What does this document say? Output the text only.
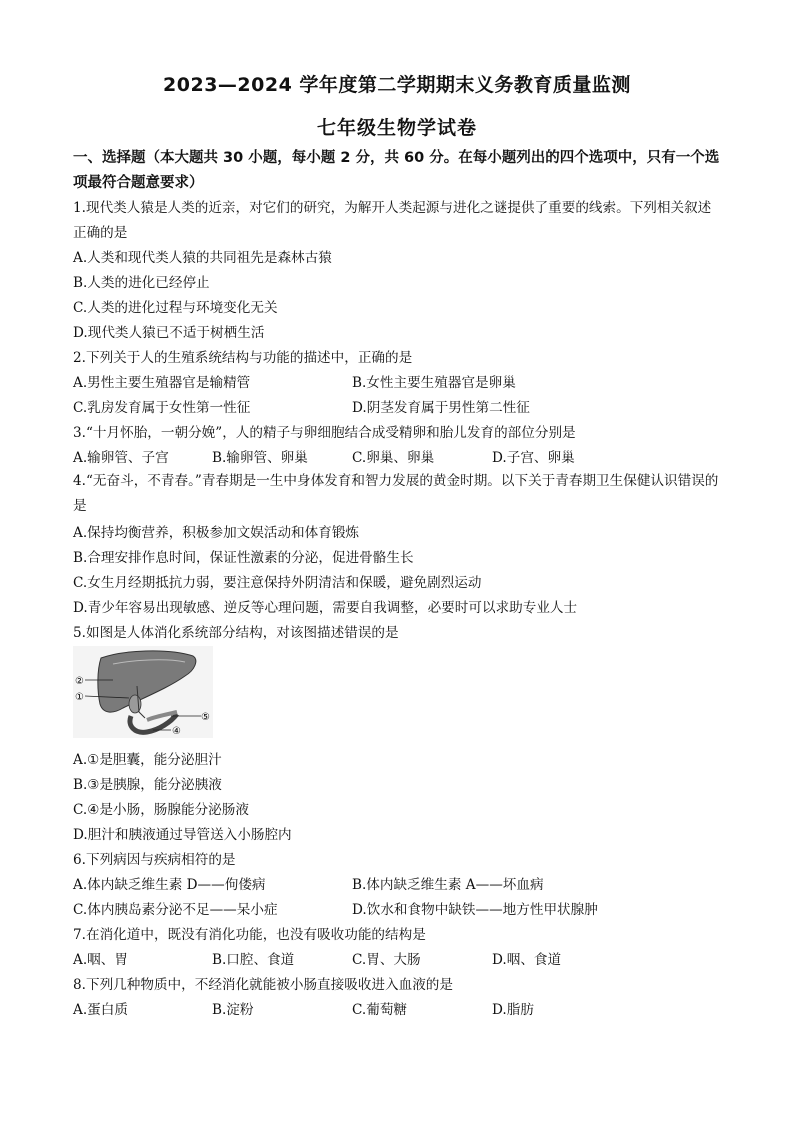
2023—2024 学年度第二学期期末义务教育质量监测
七年级生物学试卷
一、选择题（本大题共 30 小题，每小题 2 分，共 60 分。在每小题列出的四个选项中，只有一个选项最符合题意要求）
1.现代类人猿是人类的近亲，对它们的研究，为解开人类起源与进化之谜提供了重要的线索。下列相关叙述正确的是
A.人类和现代类人猿的共同祖先是森林古猿
B.人类的进化已经停止
C.人类的进化过程与环境变化无关
D.现代类人猿已不适于树栖生活
2.下列关于人的生殖系统结构与功能的描述中，正确的是
A.男性主要生殖器官是输精管	B.女性主要生殖器官是卵巢
C.乳房发育属于女性第一性征	D.阴茎发育属于男性第二性征
3.“十月怀胎，一朝分娩”，人的精子与卵细胞结合成受精卵和胎儿发育的部位分别是
A.输卵管、子宫	B.输卵管、卵巢	C.卵巢、卵巢	D.子宫、卵巢
4.“无奋斗，不青春。”青春期是一生中身体发育和智力发展的黄金时期。以下关于青春期卫生保健认识错误的是
A.保持均衡营养，积极参加文娱活动和体育锻炼
B.合理安排作息时间，保证性激素的分泌，促进骨骼生长
C.女生月经期抵抗力弱，要注意保持外阴清洁和保暖，避免剧烈运动
D.青少年容易出现敏感、逆反等心理问题，需要自我调整，必要时可以求助专业人士
5.如图是人体消化系统部分结构，对该图描述错误的是
②
①
⑤
④
A.①是胆囊，能分泌胆汁
B.③是胰腺，能分泌胰液
C.④是小肠，肠腺能分泌肠液
D.胆汁和胰液通过导管送入小肠腔内
6.下列病因与疾病相符的是
A.体内缺乏维生素 D——佝偻病	B.体内缺乏维生素 A——坏血病
C.体内胰岛素分泌不足——呆小症	D.饮水和食物中缺铁——地方性甲状腺肿
7.在消化道中，既没有消化功能，也没有吸收功能的结构是
A.咽、胃	B.口腔、食道	C.胃、大肠	D.咽、食道
8.下列几种物质中，不经消化就能被小肠直接吸收进入血液的是
A.蛋白质	B.淀粉	C.葡萄糖	D.脂肪
